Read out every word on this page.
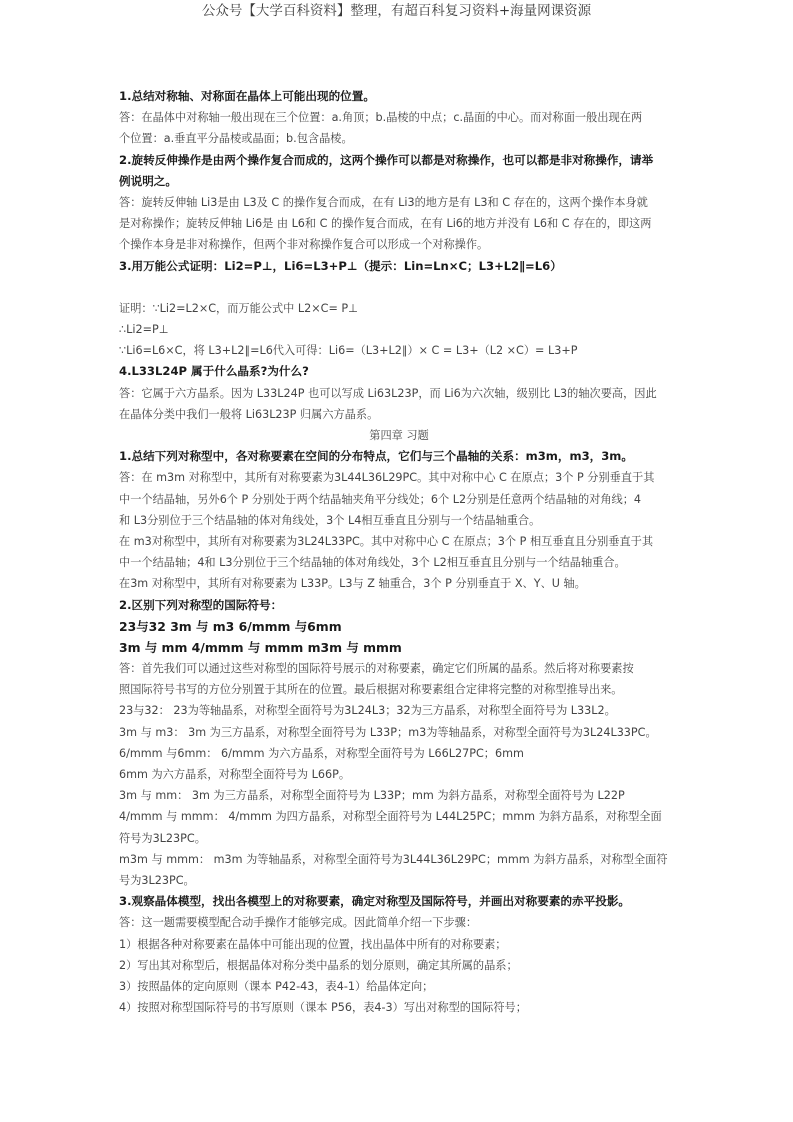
公众号【大学百科资料】整理，有超百科复习资料+海量网课资源
1.总结对称轴、对称面在晶体上可能出现的位置。
答：在晶体中对称轴一般出现在三个位置：a.角顶；b.晶棱的中点；c.晶面的中心。而对称面一般出现在两
个位置：a.垂直平分晶棱或晶面；b.包含晶棱。
2.旋转反伸操作是由两个操作复合而成的，这两个操作可以都是对称操作，也可以都是非对称操作，请举
例说明之。
答：旋转反伸轴 Li3是由 L3及 C 的操作复合而成，在有 Li3的地方是有 L3和 C 存在的，这两个操作本身就
是对称操作；旋转反伸轴 Li6是 由 L6和 C 的操作复合而成，在有 Li6的地方并没有 L6和 C 存在的，即这两
个操作本身是非对称操作，但两个非对称操作复合可以形成一个对称操作。
3.用万能公式证明：Li2=P⊥，Li6=L3+P⊥（提示：Lin=Ln×C；L3+L2∥=L6）
证明：∵Li2=L2×C，而万能公式中 L2×C= P⊥
∴Li2=P⊥
∵Li6=L6×C，将 L3+L2∥=L6代入可得：Li6=（L3+L2∥）× C = L3+（L2 ×C）= L3+P
4.L33L24P 属于什么晶系?为什么?
答：它属于六方晶系。因为 L33L24P 也可以写成 Li63L23P，而 Li6为六次轴，级别比 L3的轴次要高，因此
在晶体分类中我们一般将 Li63L23P 归属六方晶系。
第四章 习题
1.总结下列对称型中，各对称要素在空间的分布特点，它们与三个晶轴的关系：m3m，m3，3m。
答：在 m3m 对称型中，其所有对称要素为3L44L36L29PC。其中对称中心 C 在原点；3个 P 分别垂直于其
中一个结晶轴，另外6个 P 分别处于两个结晶轴夹角平分线处；6个 L2分别是任意两个结晶轴的对角线；4
和 L3分别位于三个结晶轴的体对角线处，3个 L4相互垂直且分别与一个结晶轴重合。
在 m3对称型中，其所有对称要素为3L24L33PC。其中对称中心 C 在原点；3个 P 相互垂直且分别垂直于其
中一个结晶轴；4和 L3分别位于三个结晶轴的体对角线处，3个 L2相互垂直且分别与一个结晶轴重合。
在3m 对称型中，其所有对称要素为 L33P。L3与 Z 轴重合，3个 P 分别垂直于 X、Y、U 轴。
2.区别下列对称型的国际符号：
23与32 3m 与 m3 6/mmm 与6mm
3m 与 mm 4/mmm 与 mmm m3m 与 mmm
答：首先我们可以通过这些对称型的国际符号展示的对称要素，确定它们所属的晶系。然后将对称要素按
照国际符号书写的方位分别置于其所在的位置。最后根据对称要素组合定律将完整的对称型推导出来。
23与32： 23为等轴晶系，对称型全面符号为3L24L3；32为三方晶系，对称型全面符号为 L33L2。
3m 与 m3： 3m 为三方晶系，对称型全面符号为 L33P；m3为等轴晶系，对称型全面符号为3L24L33PC。
6/mmm 与6mm： 6/mmm 为六方晶系，对称型全面符号为 L66L27PC；6mm
6mm 为六方晶系，对称型全面符号为 L66P。
3m 与 mm： 3m 为三方晶系，对称型全面符号为 L33P；mm 为斜方晶系，对称型全面符号为 L22P
4/mmm 与 mmm： 4/mmm 为四方晶系，对称型全面符号为 L44L25PC；mmm 为斜方晶系，对称型全面
符号为3L23PC。
m3m 与 mmm： m3m 为等轴晶系，对称型全面符号为3L44L36L29PC；mmm 为斜方晶系，对称型全面符
号为3L23PC。
3.观察晶体模型，找出各模型上的对称要素，确定对称型及国际符号，并画出对称要素的赤平投影。
答：这一题需要模型配合动手操作才能够完成。因此简单介绍一下步骤：
1）根据各种对称要素在晶体中可能出现的位置，找出晶体中所有的对称要素；
2）写出其对称型后，根据晶体对称分类中晶系的划分原则，确定其所属的晶系；
3）按照晶体的定向原则（课本 P42-43，表4-1）给晶体定向；
4）按照对称型国际符号的书写原则（课本 P56，表4-3）写出对称型的国际符号；
